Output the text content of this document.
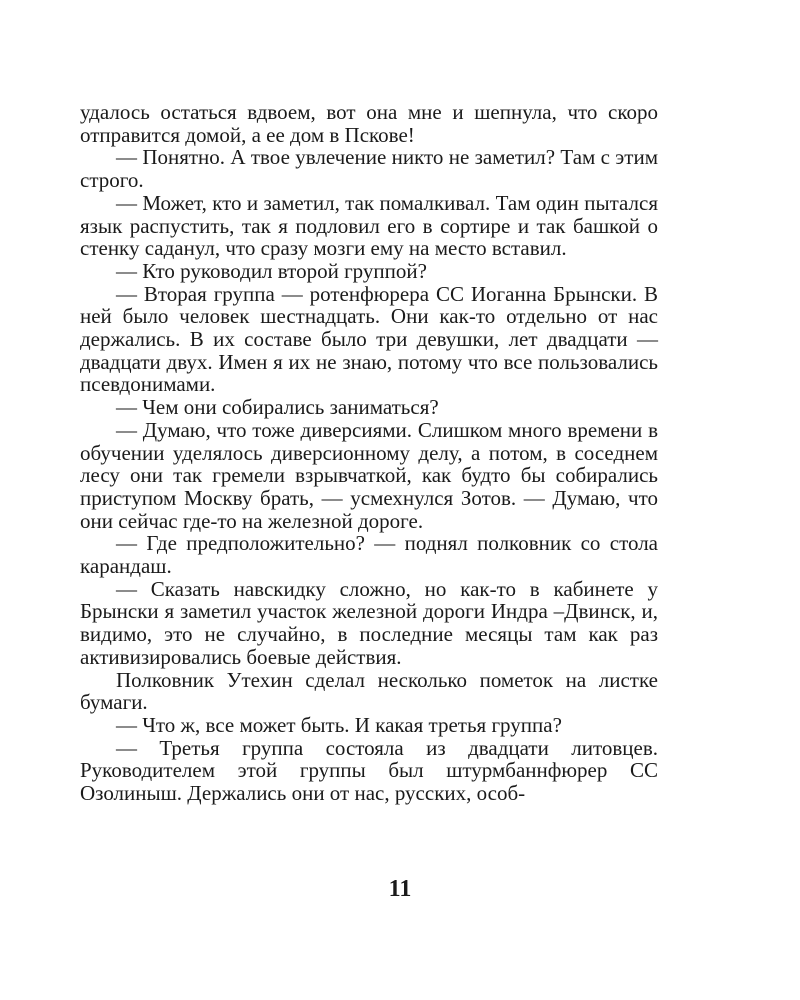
удалось остаться вдвоем, вот она мне и шепнула, что скоро отправится домой, а ее дом в Пскове!

— Понятно. А твое увлечение никто не заметил? Там с этим строго.

— Может, кто и заметил, так помалкивал. Там один пытался язык распустить, так я подловил его в сортире и так башкой о стенку саданул, что сразу мозги ему на место вставил.

— Кто руководил второй группой?

— Вторая группа — ротенфюрера СС Иоганна Брынски. В ней было человек шестнадцать. Они как-то отдельно от нас держались. В их составе было три девушки, лет двадцати — двадцати двух. Имен я их не знаю, потому что все пользовались псевдонимами.

— Чем они собирались заниматься?

— Думаю, что тоже диверсиями. Слишком много времени в обучении уделялось диверсионному делу, а потом, в соседнем лесу они так гремели взрывчаткой, как будто бы собирались приступом Москву брать, — усмехнулся Зотов. — Думаю, что они сейчас где-то на железной дороге.

— Где предположительно? — поднял полковник со стола карандаш.

— Сказать навскидку сложно, но как-то в кабинете у Брынски я заметил участок железной дороги Индра –Двинск, и, видимо, это не случайно, в последние месяцы там как раз активизировались боевые действия.

Полковник Утехин сделал несколько пометок на листке бумаги.

— Что ж, все может быть. И какая третья группа?

— Третья группа состояла из двадцати литовцев. Руководителем этой группы был штурмбаннфюрер СС Озолиныш. Держались они от нас, русских, особ-

11
